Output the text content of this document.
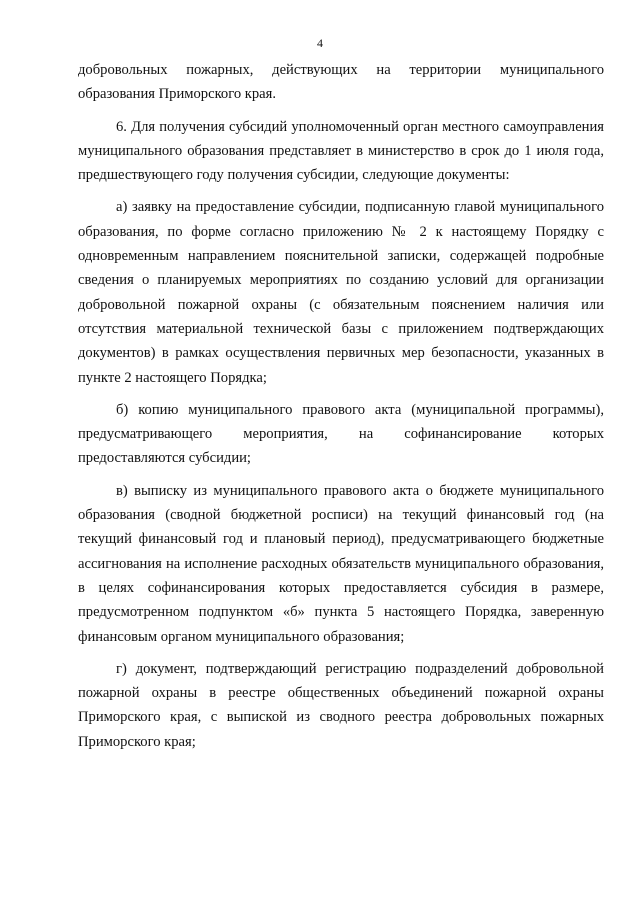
4

добровольных пожарных, действующих на территории муниципального образования Приморского края.

6. Для получения субсидий уполномоченный орган местного самоуправления муниципального образования представляет в министерство в срок до 1 июля года, предшествующего году получения субсидии, следующие документы:

а) заявку на предоставление субсидии, подписанную главой муниципального образования, по форме согласно приложению № 2 к настоящему Порядку с одновременным направлением пояснительной записки, содержащей подробные сведения о планируемых мероприятиях по созданию условий для организации добровольной пожарной охраны (с обязательным пояснением наличия или отсутствия материальной технической базы с приложением подтверждающих документов) в рамках осуществления первичных мер безопасности, указанных в пункте 2 настоящего Порядка;

б) копию муниципального правового акта (муниципальной программы), предусматривающего мероприятия, на софинансирование которых предоставляются субсидии;

в) выписку из муниципального правового акта о бюджете муниципального образования (сводной бюджетной росписи) на текущий финансовый год (на текущий финансовый год и плановый период), предусматривающего бюджетные ассигнования на исполнение расходных обязательств муниципального образования, в целях софинансирования которых предоставляется субсидия в размере, предусмотренном подпунктом «б» пункта 5 настоящего Порядка, заверенную финансовым органом муниципального образования;

г) документ, подтверждающий регистрацию подразделений добровольной пожарной охраны в реестре общественных объединений пожарной охраны Приморского края, с выпиской из сводного реестра добровольных пожарных Приморского края;
